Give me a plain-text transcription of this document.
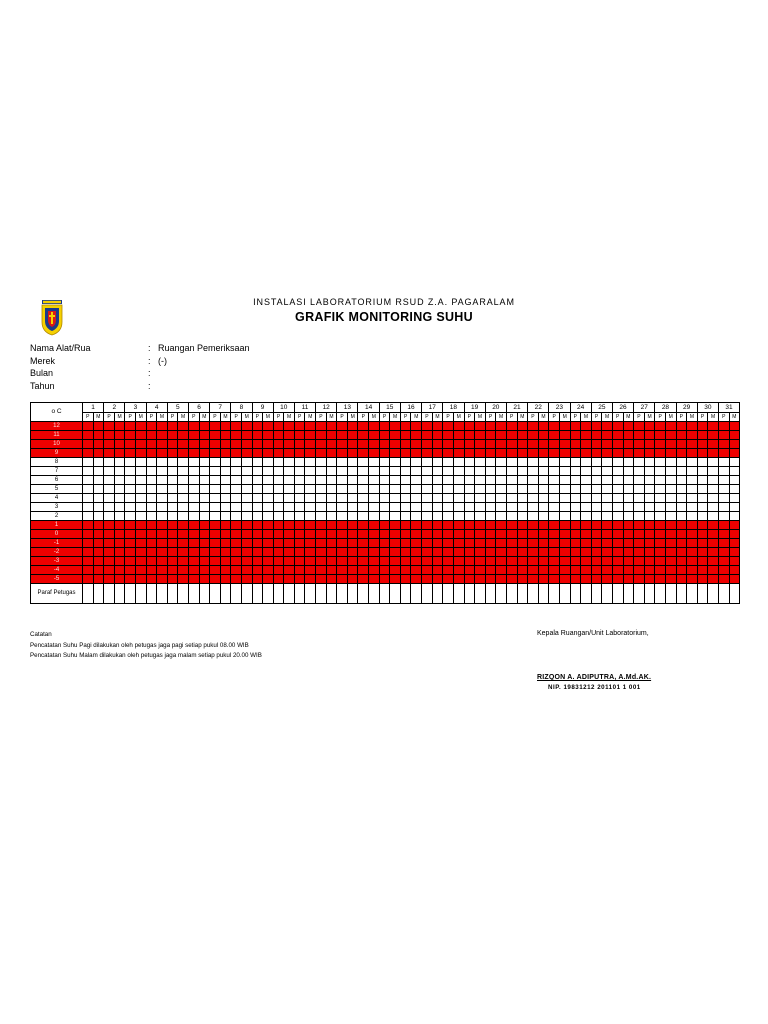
INSTALASI LABORATORIUM RSUD Z.A. PAGARALAM
GRAFIK MONITORING SUHU
Nama Alat/Rua	: Ruangan Pemeriksaan
Merek	: (-)
Bulan	:
Tahun	:
o C	1		2		3		4		5		6		7		8		9		10		11		12		13		14		15		16		17		18		19		20		21		22		23		24		25		26		27		28		29		30		31	
	P	M	P	M	P	M	P	M	P	M	P	M	P	M	P	M	P	M	P	M	P	M	P	M	P	M	P	M	P	M	P	M	P	M	P	M	P	M	P	M	P	M	P	M	P	M	P	M	P	M	P	M	P	M	P	M	P	M	P	M	P	M
12																																																														
11																																																														
10																																																														
9																																																														
8																																																														
7																																																														
6																																																														
5																																																														
4																																																														
3																																																														
2																																																														
1																																																														
0																																																														
-1																																																														
-2																																																														
-3																																																														
-4																																																														
-5																																																														
Paraf Petugas																																																														
Catatan
Pencatatan Suhu Pagi dilakukan oleh petugas jaga pagi setiap pukul 08.00 WIB
Pencatatan Suhu Malam dilakukan oleh petugas jaga malam setiap pukul 20.00 WIB
Kepala Ruangan/Unit Laboratorium,
RIZQON A. ADIPUTRA, A.Md.AK.
NIP. 19831212 201101 1 001
